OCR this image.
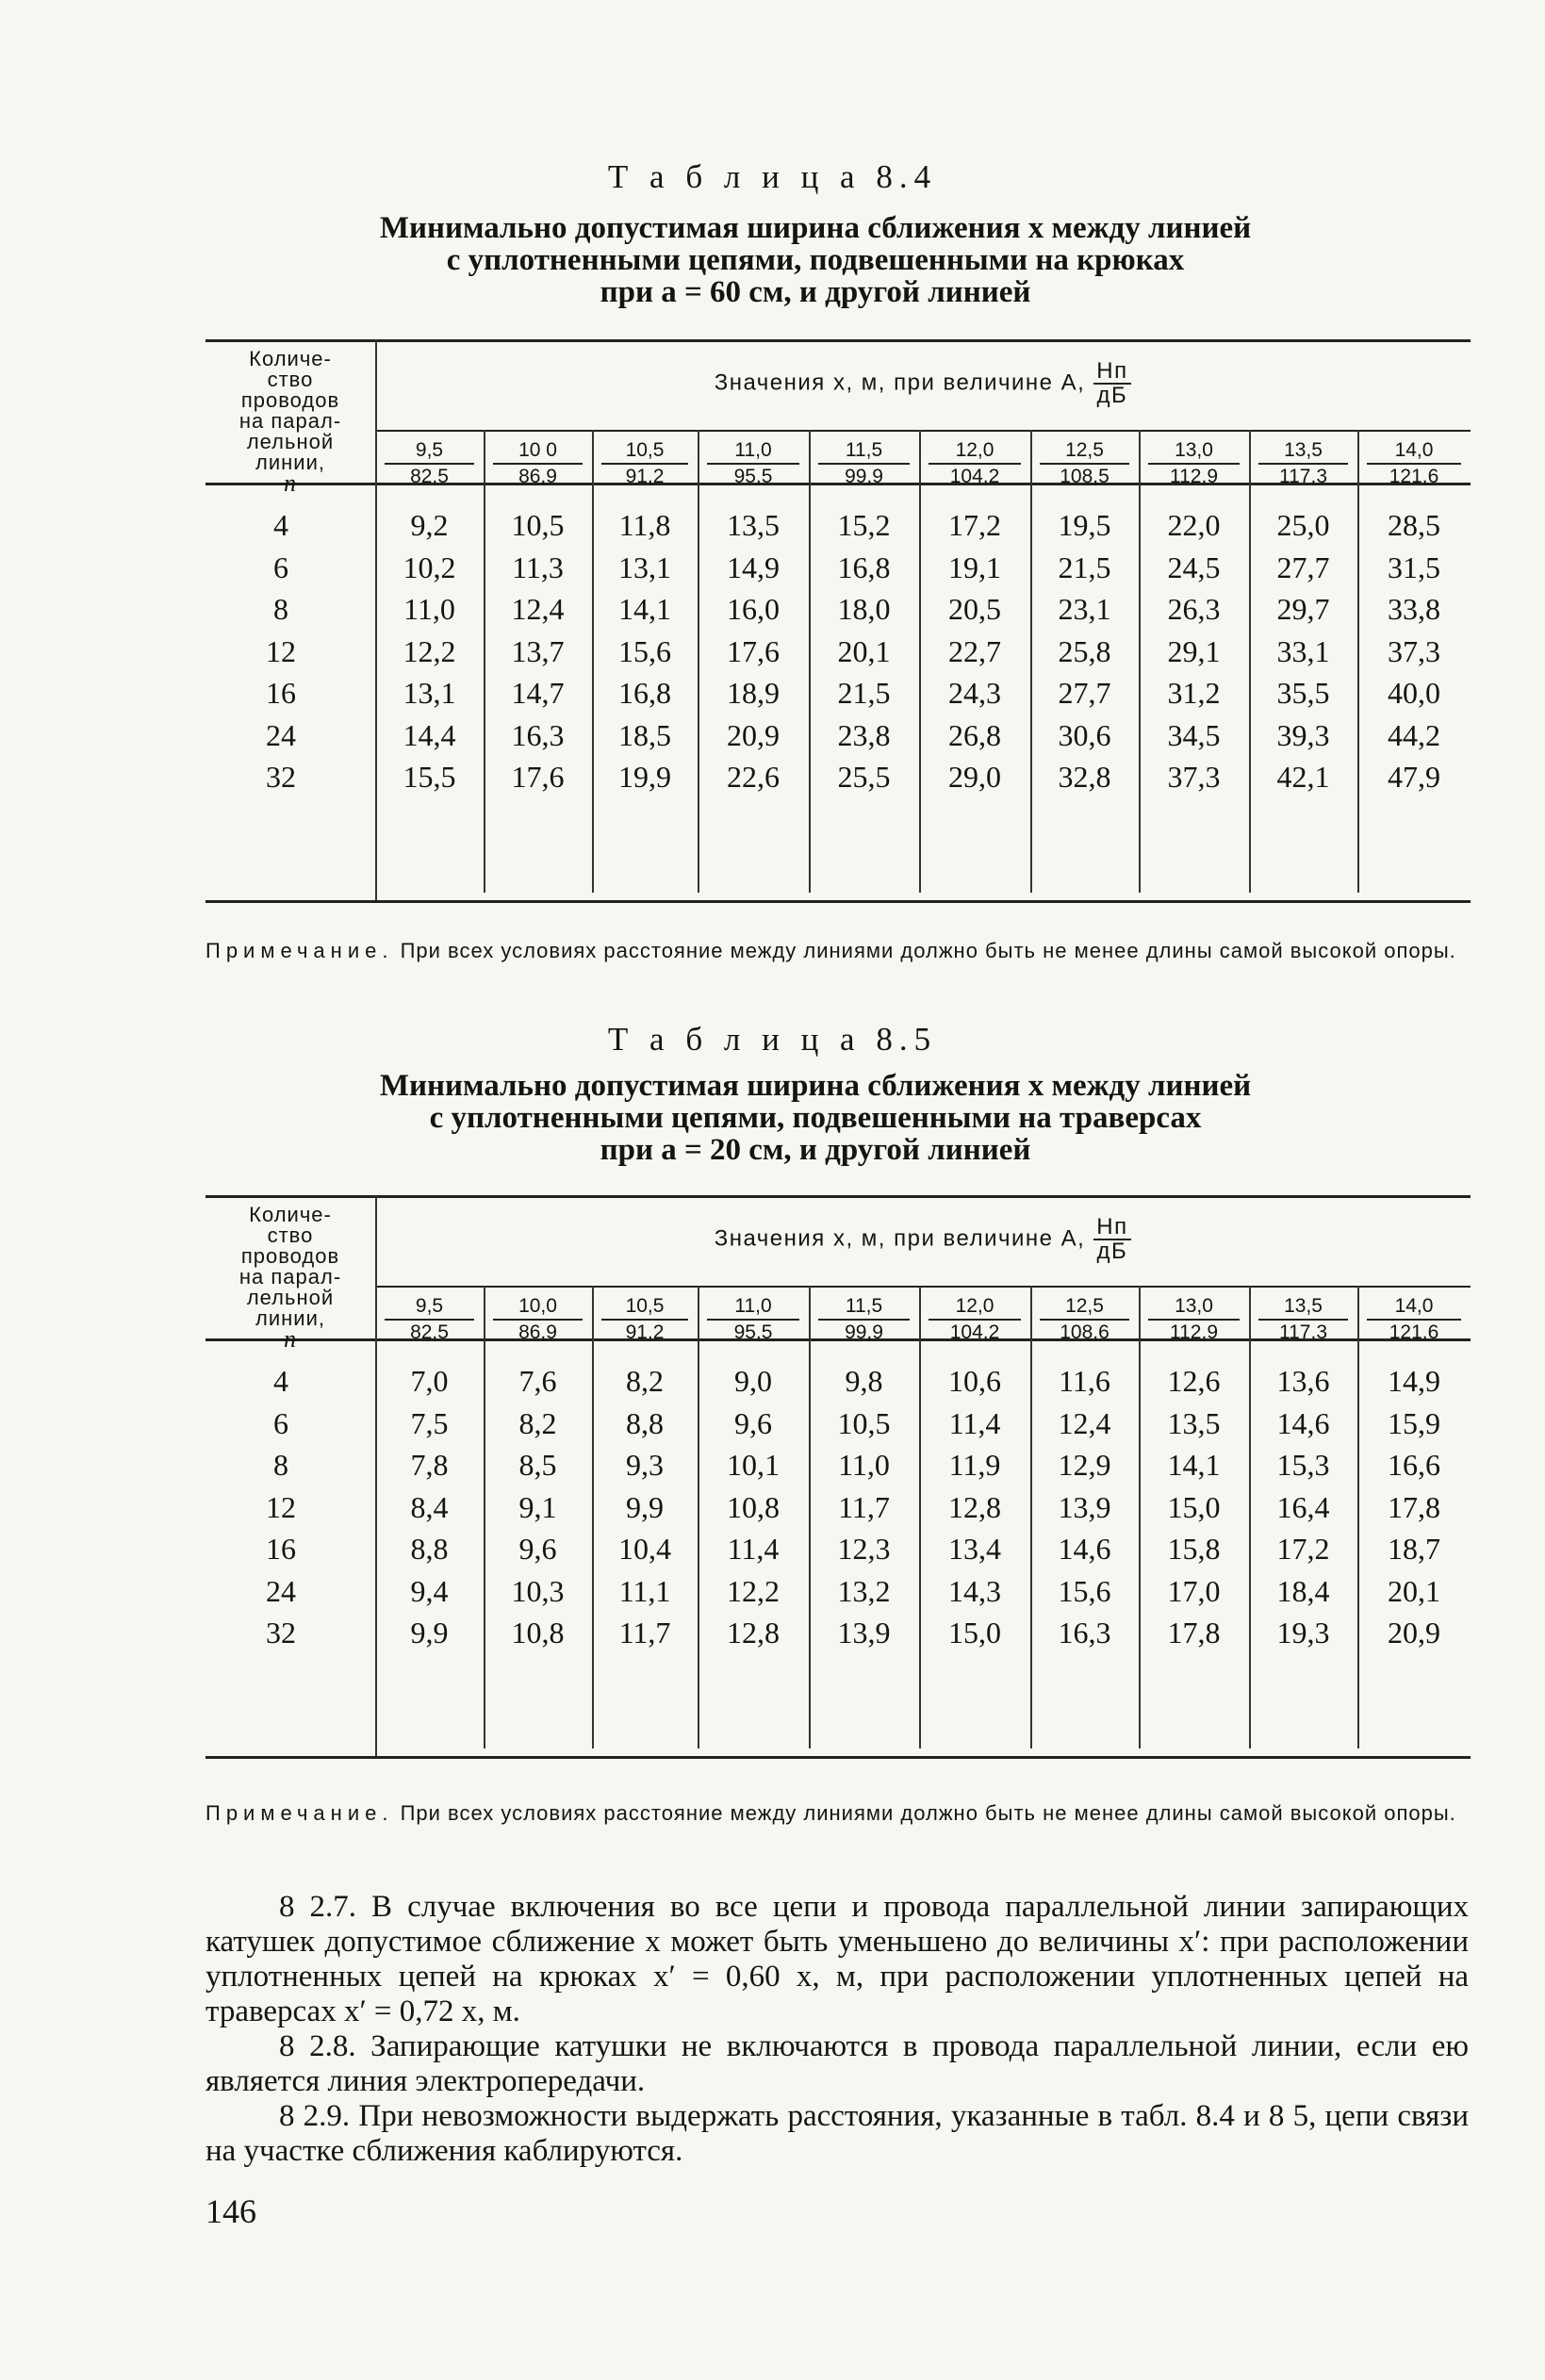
Т а б л и ц а 8.4
Минимально допустимая ширина сближения x между линией
с уплотненными цепями, подвешенными на крюках
при a = 60 см, и другой линией
Количе-
ство
проводов
на парал-
лельной
линии,
n
Значения x, м, при величине A, Нп
дБ
$\frac{9,5}{82,5} \frac{10 0}{86,9} \frac{10,5}{91,2} \frac{11,0}{95,5} \frac{11,5}{99,9} \frac{12,0}{104,2} \frac{12,5}{108,5} \frac{13,0}{112,9} \frac{13,5}{117,3} \frac{14,0}{121,6}$
4	9,2	10,5	11,8	13,5	15,2	17,2	19,5	22,0	25,0	28,5
6	10,2	11,3	13,1	14,9	16,8	19,1	21,5	24,5	27,7	31,5
8	11,0	12,4	14,1	16,0	18,0	20,5	23,1	26,3	29,7	33,8
12	12,2	13,7	15,6	17,6	20,1	22,7	25,8	29,1	33,1	37,3
16	13,1	14,7	16,8	18,9	21,5	24,3	27,7	31,2	35,5	40,0
24	14,4	16,3	18,5	20,9	23,8	26,8	30,6	34,5	39,3	44,2
32	15,5	17,6	19,9	22,6	25,5	29,0	32,8	37,3	42,1	47,9
Примечание. При всех условиях расстояние между линиями должно быть не менее длины самой высокой опоры.
Т а б л и ц а 8.5
Минимально допустимая ширина сближения x между линией
с уплотненными цепями, подвешенными на траверсах
при a = 20 см, и другой линией
Количе-
ство
проводов
на парал-
лельной
линии,
n
Значения x, м, при величине A, Нп
дБ
$\frac{9,5}{82,5} \frac{10,0}{86,9} \frac{10,5}{91,2} \frac{11,0}{95,5} \frac{11,5}{99,9} \frac{12,0}{104,2} \frac{12,5}{108,6} \frac{13,0}{112,9} \frac{13,5}{117,3} \frac{14,0}{121,6}$
4	7,0	7,6	8,2	9,0	9,8	10,6	11,6	12,6	13,6	14,9
6	7,5	8,2	8,8	9,6	10,5	11,4	12,4	13,5	14,6	15,9
8	7,8	8,5	9,3	10,1	11,0	11,9	12,9	14,1	15,3	16,6
12	8,4	9,1	9,9	10,8	11,7	12,8	13,9	15,0	16,4	17,8
16	8,8	9,6	10,4	11,4	12,3	13,4	14,6	15,8	17,2	18,7
24	9,4	10,3	11,1	12,2	13,2	14,3	15,6	17,0	18,4	20,1
32	9,9	10,8	11,7	12,8	13,9	15,0	16,3	17,8	19,3	20,9
Примечание. При всех условиях расстояние между линиями должно быть не менее длины самой высокой опоры.
8 2.7. В случае включения во все цепи и провода параллельной линии запирающих катушек допустимое сближение x может быть уменьшено до величины x′: при расположении уплотненных цепей на крюках x′ = 0,60 x, м, при расположении уплотненных цепей на траверсах x′ = 0,72 x, м.
8 2.8. Запирающие катушки не включаются в провода параллельной линии, если ею является линия электропередачи.
8 2.9. При невозможности выдержать расстояния, указанные в табл. 8.4 и 8 5, цепи связи на участке сближения каблируются.
146
